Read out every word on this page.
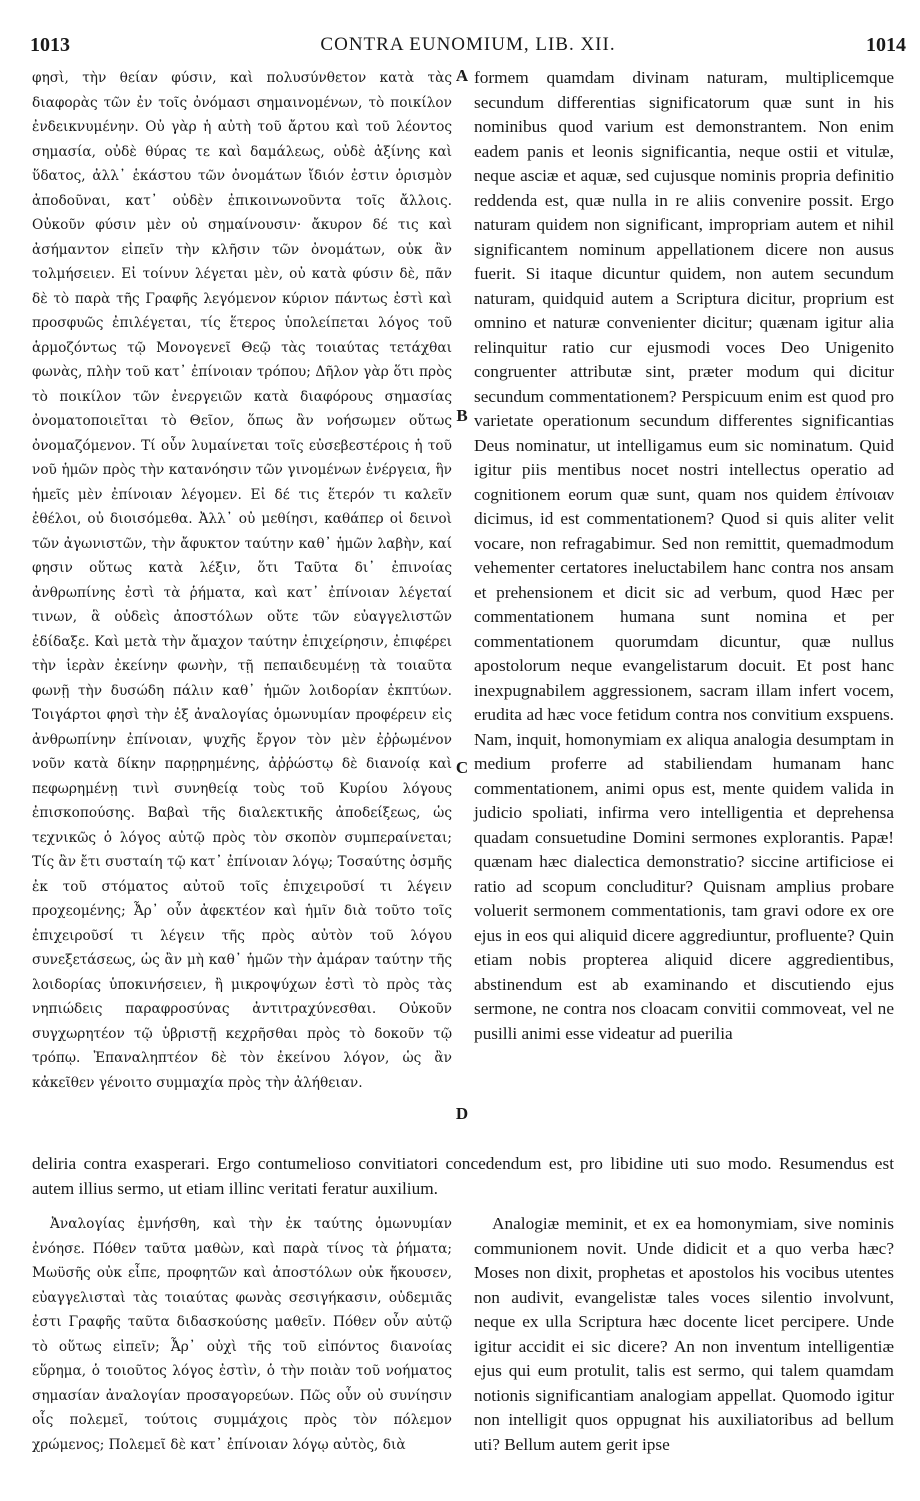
1013	CONTRA EUNOMIUM, LIB. XII.	1014

φησὶ, τὴν θείαν φύσιν, καὶ πολυσύνθετον κατὰ τὰς διαφορὰς τῶν ἐν τοῖς ὀνόμασι σημαινομένων, τὸ ποικίλον ἐνδεικνυμένην. Οὐ γὰρ ἡ αὐτὴ τοῦ ἄρτου καὶ τοῦ λέοντος σημασία, οὐδὲ θύρας τε καὶ δαμάλεως, οὐδὲ ἀξίνης καὶ ὕδατος, ἀλλ᾽ ἑκάστου τῶν ὀνομάτων ἴδιόν ἐστιν ὁρισμὸν ἀποδοῦναι, κατ᾽ οὐδὲν ἐπικοινωνοῦντα τοῖς ἄλλοις. Οὐκοῦν φύσιν μὲν οὐ σημαίνουσιν· ἄκυρον δέ τις καὶ ἀσήμαντον εἰπεῖν τὴν κλῆσιν τῶν ὀνομάτων, οὐκ ἂν τολμήσειεν. Εἰ τοίνυν λέγεται μὲν, οὐ κατὰ φύσιν δὲ, πᾶν δὲ τὸ παρὰ τῆς Γραφῆς λεγόμενον κύριον πάντως ἐστὶ καὶ προσφυῶς ἐπιλέγεται, τίς ἕτερος ὑπολείπεται λόγος τοῦ ἁρμοζόντως τῷ Μονογενεῖ Θεῷ τὰς τοιαύτας τετάχθαι φωνὰς, πλὴν τοῦ κατ᾽ ἐπίνοιαν τρόπου; Δῆλον γὰρ ὅτι πρὸς τὸ ποικίλον τῶν ἐνεργειῶν κατὰ διαφόρους σημασίας ὀνοματοποιεῖται τὸ Θεῖον, ὅπως ἂν νοήσωμεν οὕτως ὀνομαζόμενον. Τί οὖν λυμαίνεται τοῖς εὐσεβεστέροις ἡ τοῦ νοῦ ἡμῶν πρὸς τὴν κατανόησιν τῶν γινομένων ἐνέργεια, ἣν ἡμεῖς μὲν ἐπίνοιαν λέγομεν. Εἰ δέ τις ἕτερόν τι καλεῖν ἐθέλοι, οὐ διοισόμεθα. Ἀλλ᾽ οὐ μεθίησι, καθάπερ οἱ δεινοὶ τῶν ἀγωνιστῶν, τὴν ἄφυκτον ταύτην καθ᾽ ἡμῶν λαβὴν, καί φησιν οὕτως κατὰ λέξιν, ὅτι Ταῦτα δι᾽ ἐπινοίας ἀνθρωπίνης ἐστὶ τὰ ῥήματα, καὶ κατ᾽ ἐπίνοιαν λέγεταί τινων, ἃ οὐδεὶς ἀποστόλων οὔτε τῶν εὐαγγελιστῶν ἐδίδαξε. Καὶ μετὰ τὴν ἄμαχον ταύτην ἐπιχείρησιν, ἐπιφέρει τὴν ἱερὰν ἐκείνην φωνὴν, τῇ πεπαιδευμένῃ τὰ τοιαῦτα φωνῇ τὴν δυσώδη πάλιν καθ᾽ ἡμῶν λοιδορίαν ἐκπτύων. Τοιγάρτοι φησὶ τὴν ἐξ ἀναλογίας ὁμωνυμίαν προφέρειν εἰς ἀνθρωπίνην ἐπίνοιαν, ψυχῆς ἔργον τὸν μὲν ἐῤῥωμένον νοῦν κατὰ δίκην παρῃρημένης, ἀῤῥώστῳ δὲ διανοίᾳ καὶ πεφωρημένῃ τινὶ συνηθείᾳ τοὺς τοῦ Κυρίου λόγους ἐπισκοπούσης. Βαβαὶ τῆς διαλεκτικῆς ἀποδείξεως, ὡς τεχνικῶς ὁ λόγος αὐτῷ πρὸς τὸν σκοπὸν συμπεραίνεται; Τίς ἂν ἔτι συσταίη τῷ κατ᾽ ἐπίνοιαν λόγῳ; Τοσαύτης ὀσμῆς ἐκ τοῦ στόματος αὐτοῦ τοῖς ἐπιχειροῦσί τι λέγειν προχεομένης; Ἆρ᾽ οὖν ἀφεκτέον καὶ ἡμῖν διὰ τοῦτο τοῖς ἐπιχειροῦσί τι λέγειν τῆς πρὸς αὐτὸν τοῦ λόγου συνεξετάσεως, ὡς ἂν μὴ καθ᾽ ἡμῶν τὴν ἀμάραν ταύτην τῆς λοιδορίας ὑποκινήσειεν, ἢ μικροψύχων ἐστὶ τὸ πρὸς τὰς νηπιώδεις παραφροσύνας ἀντιτραχύνεσθαι. Οὐκοῦν συγχωρητέον τῷ ὑβριστῇ κεχρῆσθαι πρὸς τὸ δοκοῦν τῷ τρόπῳ. Ἐπαναληπτέον δὲ τὸν ἐκείνου λόγον, ὡς ἂν κἀκεῖθεν γένοιτο συμμαχία πρὸς τὴν ἀλήθειαν.

A
B
C
D

formem quamdam divinam naturam, multiplicemque secundum differentias significatorum quæ sunt in his nominibus quod varium est demonstrantem. Non enim eadem panis et leonis significantia, neque ostii et vitulæ, neque asciæ et aquæ, sed cujusque nominis propria definitio reddenda est, quæ nulla in re aliis convenire possit. Ergo naturam quidem non significant, impropriam autem et nihil significantem nominum appellationem dicere non ausus fuerit. Si itaque dicuntur quidem, non autem secundum naturam, quidquid autem a Scriptura dicitur, proprium est omnino et naturæ convenienter dicitur; quænam igitur alia relinquitur ratio cur ejusmodi voces Deo Unigenito congruenter attributæ sint, præter modum qui dicitur secundum commentationem? Perspicuum enim est quod pro varietate operationum secundum differentes significantias Deus nominatur, ut intelligamus eum sic nominatum. Quid igitur piis mentibus nocet nostri intellectus operatio ad cognitionem eorum quæ sunt, quam nos quidem ἐπίνοιαν dicimus, id est commentationem? Quod si quis aliter velit vocare, non refragabimur. Sed non remittit, quemadmodum vehementer certatores ineluctabilem hanc contra nos ansam et prehensionem et dicit sic ad verbum, quod Hæc per commentationem humana sunt nomina et per commentationem quorumdam dicuntur, quæ nullus apostolorum neque evangelistarum docuit. Et post hanc inexpugnabilem aggressionem, sacram illam infert vocem, erudita ad hæc voce fetidum contra nos convitium exspuens. Nam, inquit, homonymiam ex aliqua analogia desumptam in medium proferre ad stabiliendam humanam hanc commentationem, animi opus est, mente quidem valida in judicio spoliati, infirma vero intelligentia et deprehensa quadam consuetudine Domini sermones explorantis. Papæ! quænam hæc dialectica demonstratio? siccine artificiose ei ratio ad scopum concluditur? Quisnam amplius probare voluerit sermonem commentationis, tam gravi odore ex ore ejus in eos qui aliquid dicere aggrediuntur, profluente? Quin etiam nobis propterea aliquid dicere aggredientibus, abstinendum est ab examinando et discutiendo ejus sermone, ne contra nos cloacam convitii commoveat, vel ne pusilli animi esse videatur ad puerilia

deliria contra exasperari. Ergo contumelioso convitiatori concedendum est, pro libidine uti suo modo. Resumendus est autem illius sermo, ut etiam illinc veritati feratur auxilium.

Ἀναλογίας ἐμνήσθη, καὶ τὴν ἐκ ταύτης ὁμωνυμίαν ἐνόησε. Πόθεν ταῦτα μαθὼν, καὶ παρὰ τίνος τὰ ῥήματα; Μωϋσῆς οὐκ εἶπε, προφητῶν καὶ ἀποστόλων οὐκ ἤκουσεν, εὐαγγελισταὶ τὰς τοιαύτας φωνὰς σεσιγήκασιν, οὐδεμιᾶς ἐστι Γραφῆς ταῦτα διδασκούσης μαθεῖν. Πόθεν οὖν αὐτῷ τὸ οὕτως εἰπεῖν; Ἆρ᾽ οὐχὶ τῆς τοῦ εἰπόντος διανοίας εὕρημα, ὁ τοιοῦτος λόγος ἐστὶν, ὁ τὴν ποιὰν τοῦ νοήματος σημασίαν ἀναλογίαν προσαγορεύων. Πῶς οὖν οὐ συνίησιν οἷς πολεμεῖ, τούτοις συμμάχοις πρὸς τὸν πόλεμον χρώμενος; Πολεμεῖ δὲ κατ᾽ ἐπίνοιαν λόγῳ αὐτὸς, διὰ

Analogiæ meminit, et ex ea homonymiam, sive nominis communionem novit. Unde didicit et a quo verba hæc? Moses non dixit, prophetas et apostolos his vocibus utentes non audivit, evangelistæ tales voces silentio involvunt, neque ex ulla Scriptura hæc docente licet percipere. Unde igitur accidit ei sic dicere? An non inventum intelligentiæ ejus qui eum protulit, talis est sermo, qui talem quamdam notionis significantiam analogiam appellat. Quomodo igitur non intelligit quos oppugnat his auxiliatoribus ad bellum uti? Bellum autem gerit ipse
